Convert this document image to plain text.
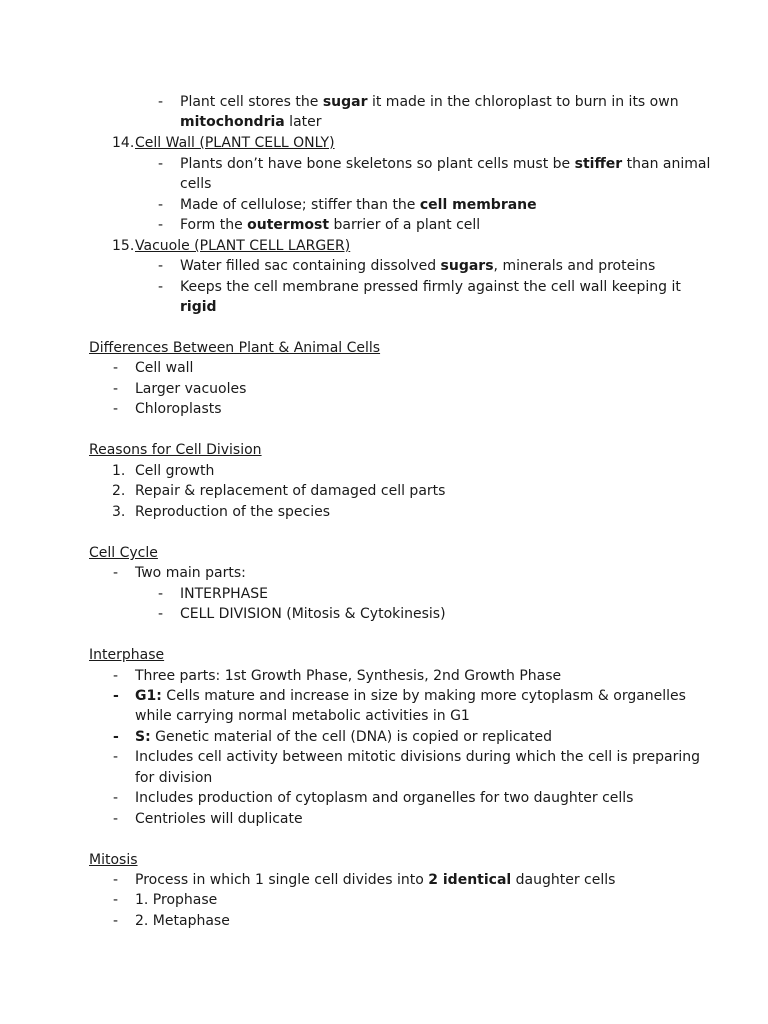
- Plant cell stores the sugar it made in the chloroplast to burn in its own
mitochondria later
14. Cell Wall (PLANT CELL ONLY)
- Plants don’t have bone skeletons so plant cells must be stiffer than animal
cells
- Made of cellulose; stiffer than the cell membrane
- Form the outermost barrier of a plant cell
15. Vacuole (PLANT CELL LARGER)
- Water filled sac containing dissolved sugars, minerals and proteins
- Keeps the cell membrane pressed firmly against the cell wall keeping it
rigid
Differences Between Plant & Animal Cells
- Cell wall
- Larger vacuoles
- Chloroplasts
Reasons for Cell Division
1. Cell growth
2. Repair & replacement of damaged cell parts
3. Reproduction of the species
Cell Cycle
- Two main parts:
- INTERPHASE
- CELL DIVISION (Mitosis & Cytokinesis)
Interphase
- Three parts: 1st Growth Phase, Synthesis, 2nd Growth Phase
- G1: Cells mature and increase in size by making more cytoplasm & organelles
while carrying normal metabolic activities in G1
- S: Genetic material of the cell (DNA) is copied or replicated
- Includes cell activity between mitotic divisions during which the cell is preparing
for division
- Includes production of cytoplasm and organelles for two daughter cells
- Centrioles will duplicate
Mitosis
- Process in which 1 single cell divides into 2 identical daughter cells
- 1. Prophase
- 2. Metaphase
